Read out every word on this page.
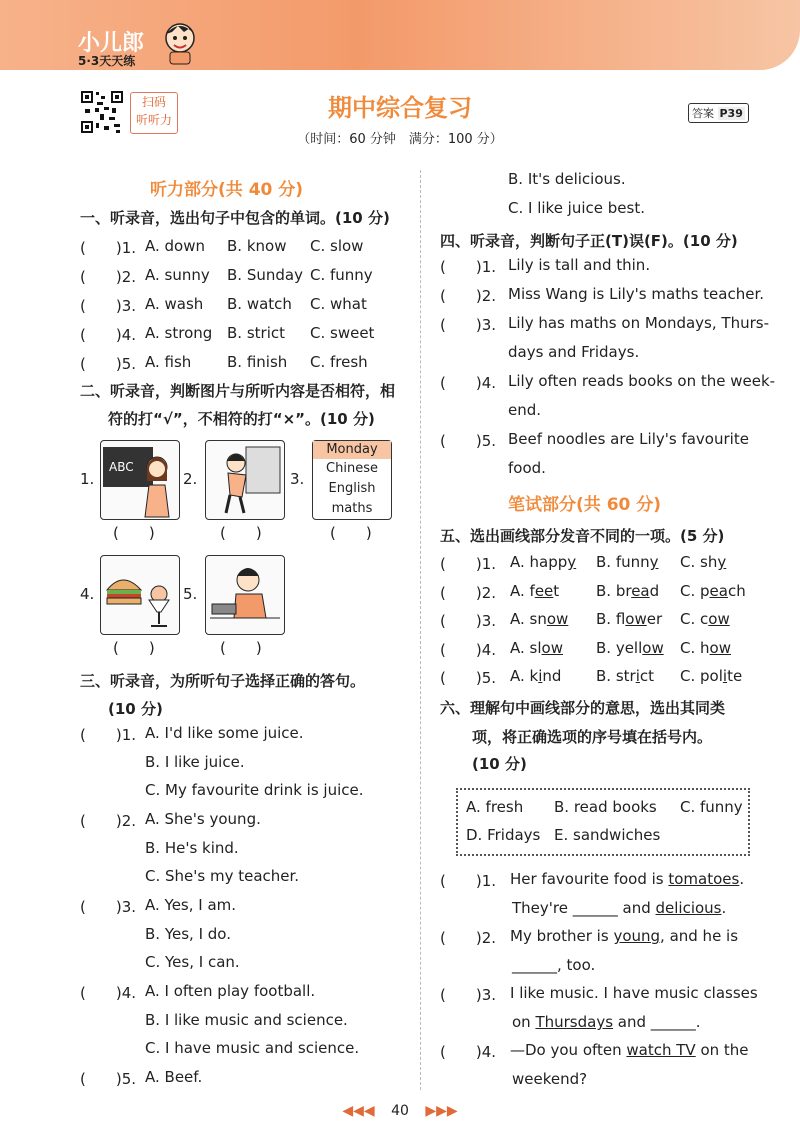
小儿郎
5·3天天练
扫码
听听力	期中综合复习	答案 P39
（时间：60 分钟　满分：100 分）
听力部分(共 40 分)
一、听录音，选出句子中包含的单词。(10 分)
(　　)1. A. down B. know C. slow
(　　)2. A. sunny B. Sunday C. funny
(　　)3. A. wash B. watch C. what
(　　)4. A. strong B. strict C. sweet
(　　)5. A. fish B. finish C. fresh
二、听录音，判断图片与所听内容是否相符，相
符的打“√”，不相符的打“×”。(10 分)
1.
ABC
2.	3.
Monday
Chinese
English
maths
(　　)	(　　)	(　　)
4.	5.
(　　)	(　　)
三、听录音，为所听句子选择正确的答句。
(10 分)
(　　)1. A. I'd like some juice.
B. I like juice.
C. My favourite drink is juice.
(　　)2. A. She's young.
B. He's kind.
C. She's my teacher.
(　　)3. A. Yes, I am.
B. Yes, I do.
C. Yes, I can.
(　　)4. A. I often play football.
B. I like music and science.
C. I have music and science.
(　　)5. A. Beef.
B. It's delicious.
C. I like juice best.
四、听录音，判断句子正(T)误(F)。(10 分)
(　　)1. Lily is tall and thin.
(　　)2. Miss Wang is Lily's maths teacher.
(　　)3. Lily has maths on Mondays, Thurs-
days and Fridays.
(　　)4. Lily often reads books on the week-
end.
(　　)5. Beef noodles are Lily's favourite
food.
笔试部分(共 60 分)
五、选出画线部分发音不同的一项。(5 分)
(　　)1. A. happy B. funny C. shy
(　　)2. A. feet B. bread C. peach
(　　)3. A. snow B. flower C. cow
(　　)4. A. slow B. yellow C. how
(　　)5. A. kind B. strict C. polite
六、理解句中画线部分的意思，选出其同类
项，将正确选项的序号填在括号内。
(10 分)
A. fresh B. read books C. funny
D. Fridays E. sandwiches
(　　)1. Her favourite food is tomatoes.
They're ______ and delicious.
(　　)2. My brother is young, and he is
______, too.
(　　)3. I like music. I have music classes
on Thursdays and ______.
(　　)4. —Do you often watch TV on the
weekend?
◀◀◀ 40 ▶▶▶
